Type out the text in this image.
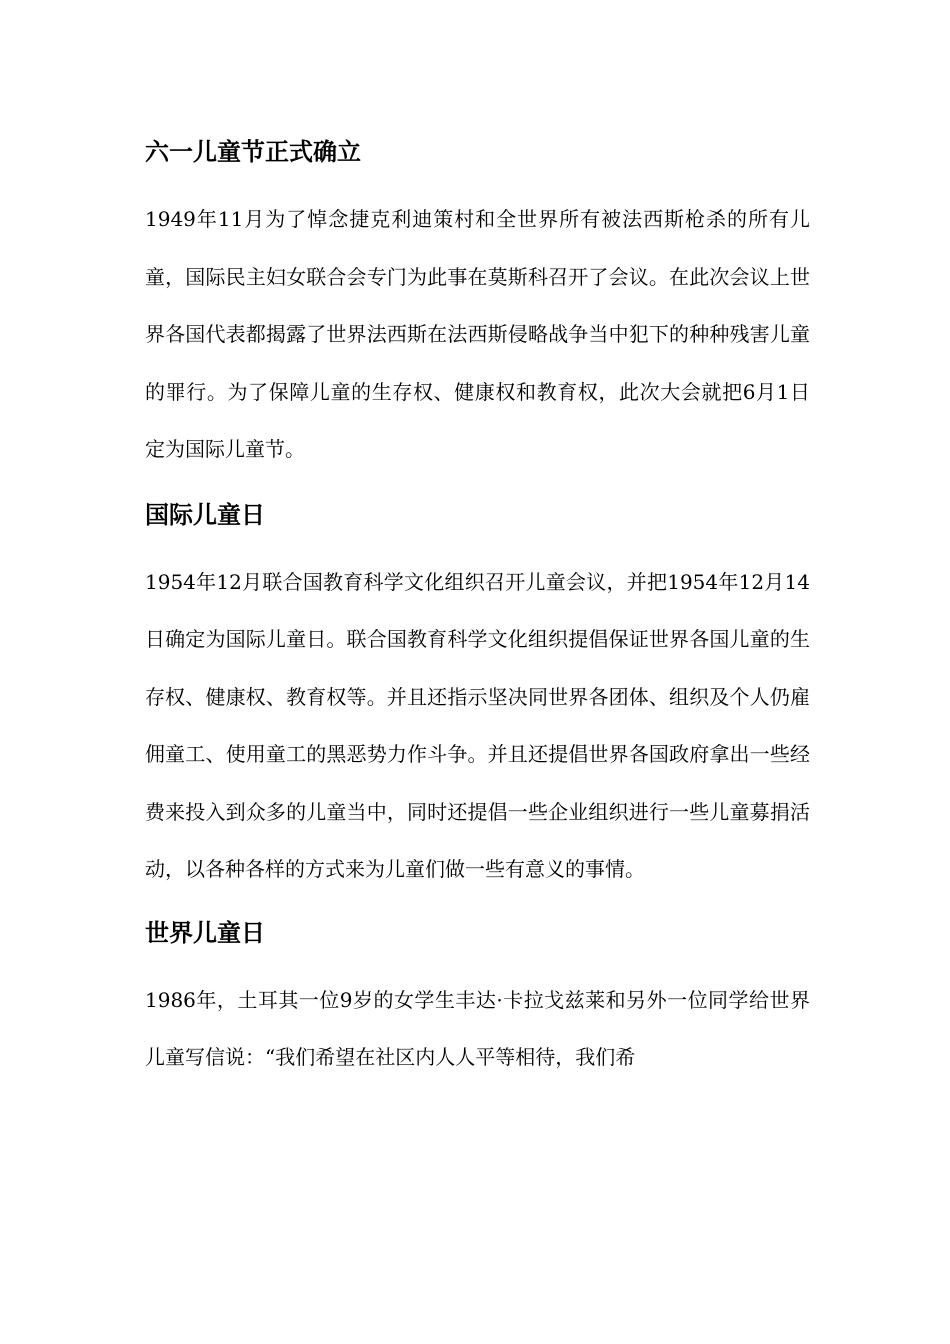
六一儿童节正式确立

1949年11月为了悼念捷克利迪策村和全世界所有被法西斯枪杀的所有儿童，国际民主妇女联合会专门为此事在莫斯科召开了会议。在此次会议上世界各国代表都揭露了世界法西斯在法西斯侵略战争当中犯下的种种残害儿童的罪行。为了保障儿童的生存权、健康权和教育权，此次大会就把6月1日定为国际儿童节。

国际儿童日

1954年12月联合国教育科学文化组织召开儿童会议，并把1954年12月14日确定为国际儿童日。联合国教育科学文化组织提倡保证世界各国儿童的生存权、健康权、教育权等。并且还指示坚决同世界各团体、组织及个人仍雇佣童工、使用童工的黑恶势力作斗争。并且还提倡世界各国政府拿出一些经费来投入到众多的儿童当中，同时还提倡一些企业组织进行一些儿童募捐活动，以各种各样的方式来为儿童们做一些有意义的事情。

世界儿童日

1986年，土耳其一位9岁的女学生丰达·卡拉戈兹莱和另外一位同学给世界儿童写信说：“我们希望在社区内人人平等相待，我们希
